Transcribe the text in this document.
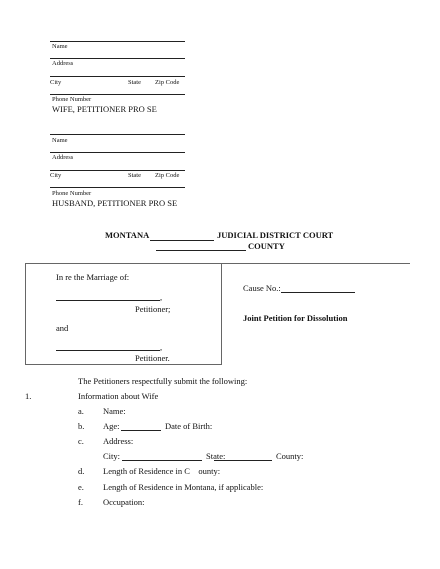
Name
Address
City	State Zip Code
Phone Number
WIFE, PETITIONER PRO SE
Name
Address
City	State Zip Code
Phone Number
HUSBAND, PETITIONER PRO SE
MONTANA	JUDICIAL DISTRICT COURT
COUNTY
In re the Marriage of:
,
Petitioner;
and
,
Petitioner.
Cause No.:
Joint Petition for Dissolution
The Petitioners respectfully submit the following:
1.	Information about Wife
a. Name:
b. Age:	Date of Birth:
c. Address:
City:	State:	County:
d. Length of Residence in C    ounty:
e. Length of Residence in Montana, if applicable:
f. Occupation:
